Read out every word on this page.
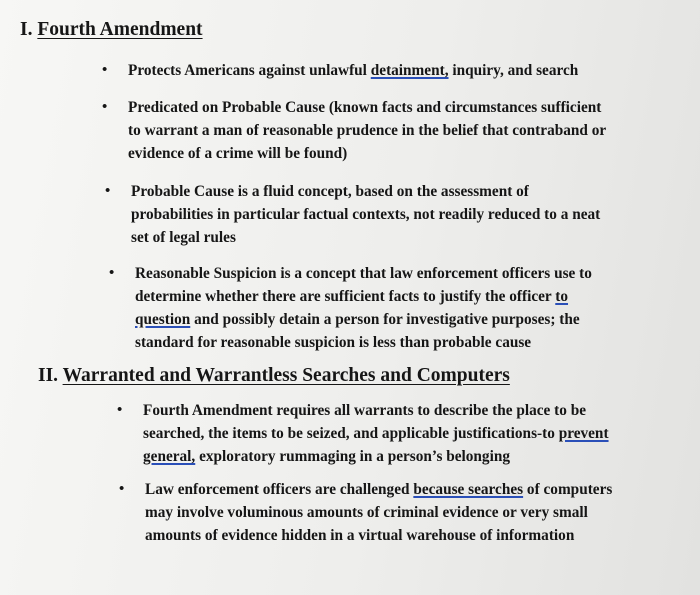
I. Fourth Amendment
• Protects Americans against unlawful detainment, inquiry, and search
• Predicated on Probable Cause (known facts and circumstances sufficient
to warrant a man of reasonable prudence in the belief that contraband or
evidence of a crime will be found)
• Probable Cause is a fluid concept, based on the assessment of
probabilities in particular factual contexts, not readily reduced to a neat
set of legal rules
• Reasonable Suspicion is a concept that law enforcement officers use to
determine whether there are sufficient facts to justify the officer to
question and possibly detain a person for investigative purposes; the
standard for reasonable suspicion is less than probable cause
II. Warranted and Warrantless Searches and Computers
• Fourth Amendment requires all warrants to describe the place to be
searched, the items to be seized, and applicable justifications-to prevent
general, exploratory rummaging in a person’s belonging
• Law enforcement officers are challenged because searches of computers
may involve voluminous amounts of criminal evidence or very small
amounts of evidence hidden in a virtual warehouse of information
